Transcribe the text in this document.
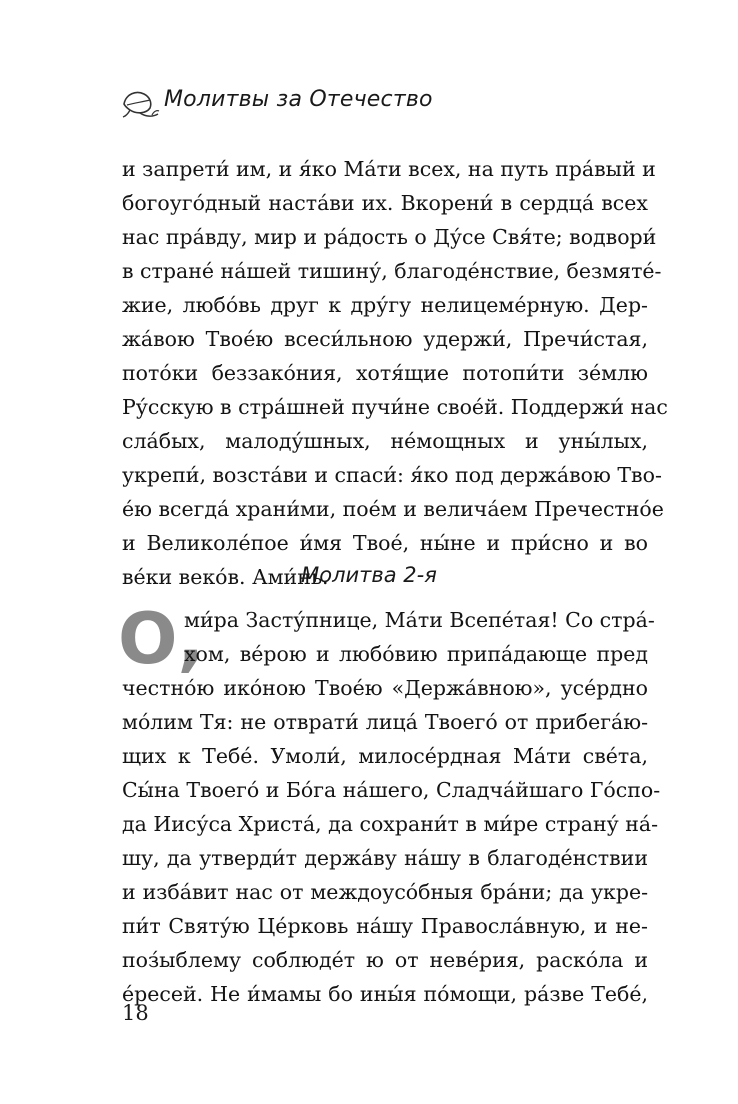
Молитвы за Отечество
и запрети́ им, и я́ко Ма́ти всех, на путь пра́вый и
богоуго́дный наста́ви их. Вкорени́ в сердца́ всех
нас пра́вду, мир и ра́дость о Ду́се Свя́те; водвори́
в стране́ на́шей тишину́, благоде́нствие, безмяте́-
жие, любо́вь друг к дру́гу нелицеме́рную. Дер-
жа́вою Твое́ю всеси́льною удержи́, Пречи́стая,
пото́ки беззако́ния, хотя́щие потопи́ти зе́млю
Ру́сскую в стра́шней пучи́не свое́й. Поддержи́ нас
сла́бых, малоду́шных, не́мощных и уны́лых,
укрепи́, возста́ви и спаси́: я́ко под держа́вою Тво-
е́ю всегда́ храни́ми, пое́м и велича́ем Пречестно́е
и Великоле́пое и́мя Твое́, ны́не и при́сно и во
ве́ки веко́в. Ами́нь.
Молитва 2-я
О,
ми́ра Засту́пнице, Ма́ти Всепе́тая! Со стра́-
хом, ве́рою и любо́вию припа́дающе пред
честно́ю ико́ною Твое́ю «Держа́вною», усе́рдно
мо́лим Тя: не отврати́ лица́ Твоего́ от прибега́ю-
щих к Тебе́. Умоли́, милосе́рдная Ма́ти све́та,
Сы́на Твоего́ и Бо́га на́шего, Сладча́йшаго Го́спо-
да Иису́са Христа́, да сохрани́т в ми́ре страну́ на́-
шу, да утверди́т держа́ву на́шу в благоде́нствии
и изба́вит нас от междоусо́бныя бра́ни; да укре-
пи́т Святу́ю Це́рковь на́шу Правосла́вную, и не-
поз́ыблему соблюде́т ю от неве́рия, раско́ла и
е́ресей. Не и́мамы бо ины́я по́мощи, ра́зве Тебе́,
18
